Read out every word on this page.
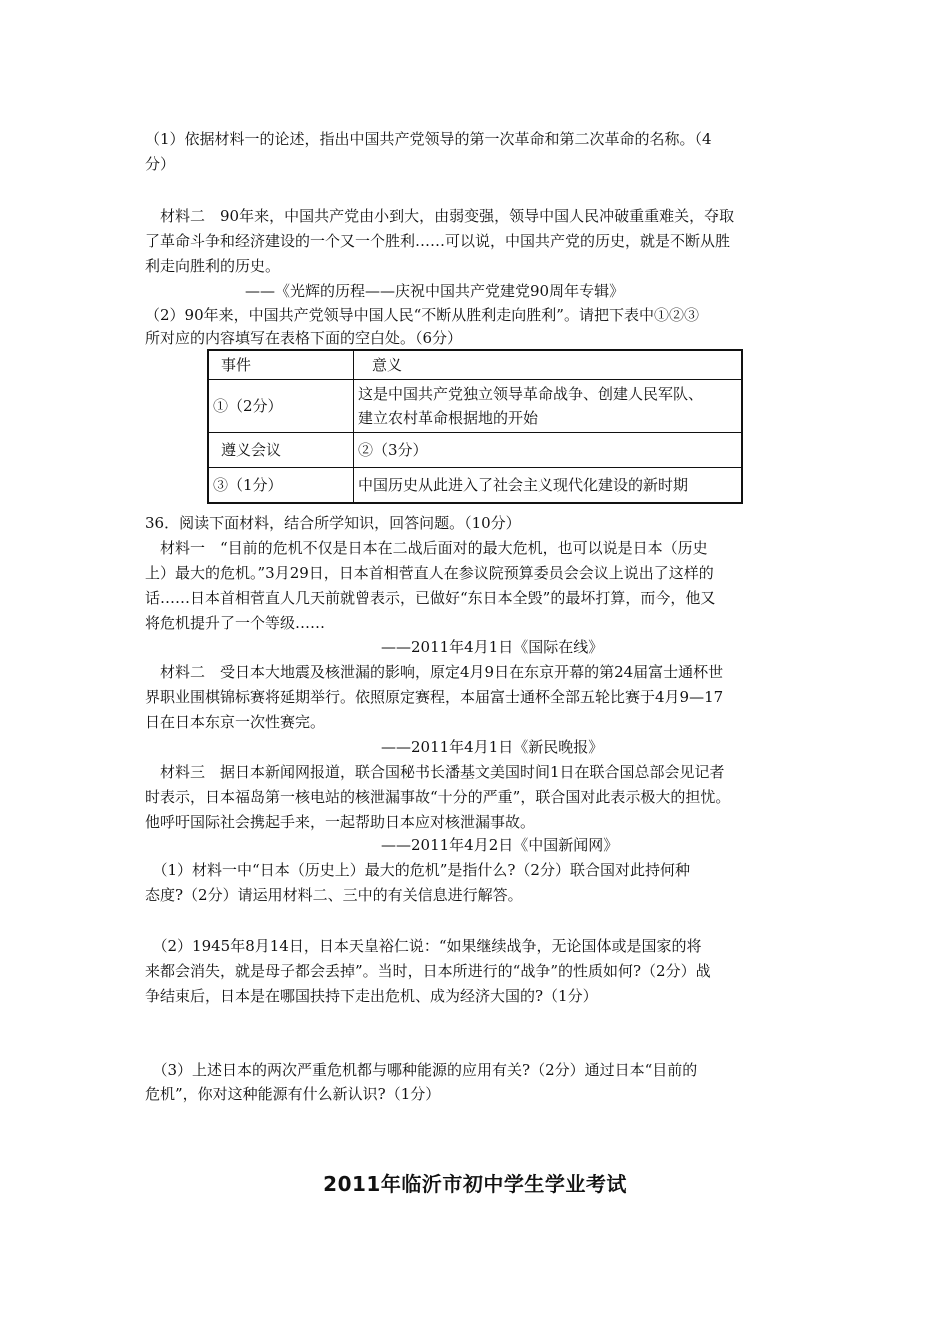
（1）依据材料一的论述，指出中国共产党领导的第一次革命和第二次革命的名称。（4
分）
　材料二　90年来，中国共产党由小到大，由弱变强，领导中国人民冲破重重难关，夺取
了革命斗争和经济建设的一个又一个胜利……可以说，中国共产党的历史，就是不断从胜
利走向胜利的历史。
——《光辉的历程——庆祝中国共产党建党90周年专辑》
（2）90年来，中国共产党领导中国人民“不断从胜利走向胜利”。请把下表中①②③
所对应的内容填写在表格下面的空白处。（6分）
事件	意义
①（2分）	这是中国共产党独立领导革命战争、创建人民军队、
建立农村革命根据地的开始

遵义会议	②（3分）
③（1分）	中国历史从此进入了社会主义现代化建设的新时期
36．阅读下面材料，结合所学知识，回答问题。（10分）
　材料一　“目前的危机不仅是日本在二战后面对的最大危机，也可以说是日本（历史
上）最大的危机。”3月29日，日本首相菅直人在参议院预算委员会会议上说出了这样的
话……日本首相菅直人几天前就曾表示，已做好“东日本全毁”的最坏打算，而今，他又
将危机提升了一个等级……
——2011年4月1日《国际在线》
　材料二　受日本大地震及核泄漏的影响，原定4月9日在东京开幕的第24届富士通杯世
界职业围棋锦标赛将延期举行。依照原定赛程，本届富士通杯全部五轮比赛于4月9—17
日在日本东京一次性赛完。
——2011年4月1日《新民晚报》
　材料三　据日本新闻网报道，联合国秘书长潘基文美国时间1日在联合国总部会见记者
时表示，日本福岛第一核电站的核泄漏事故“十分的严重”，联合国对此表示极大的担忧。
他呼吁国际社会携起手来，一起帮助日本应对核泄漏事故。
——2011年4月2日《中国新闻网》
　（1）材料一中“日本（历史上）最大的危机”是指什么?（2分）联合国对此持何种
态度?（2分）请运用材料二、三中的有关信息进行解答。
　（2）1945年8月14日，日本天皇裕仁说：“如果继续战争，无论国体或是国家的将
来都会消失，就是母子都会丢掉”。当时，日本所进行的“战争”的性质如何?（2分）战
争结束后，日本是在哪国扶持下走出危机、成为经济大国的?（1分）
　（3）上述日本的两次严重危机都与哪种能源的应用有关?（2分）通过日本“目前的
危机”，你对这种能源有什么新认识?（1分）
2011年临沂市初中学生学业考试
